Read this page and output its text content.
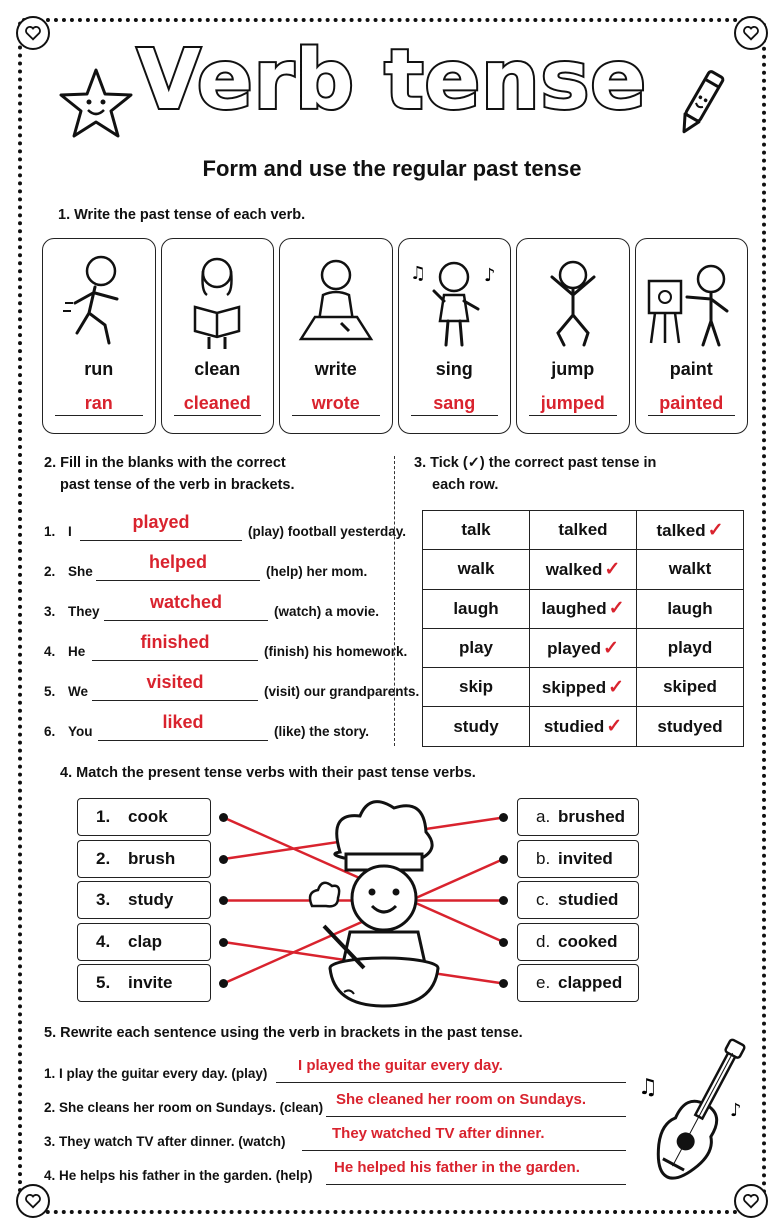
Verb tense
Form and use the regular past tense
1. Write the past tense of each verb.
run
ran
clean
cleaned
write
wrote
♫	♪
sing
sang
jump
jumped
paint
painted
2. Fill in the blanks with the correct
past tense of the verb in brackets.
1. I	played	(play) football yesterday.
2. She	helped	(help) her mom.
3. They	watched	(watch) a movie.
4. He	finished	(finish) his homework.
5. We	visited	(visit) our grandparents.
6. You	liked	(like) the story.
3. Tick (✓) the correct past tense in
each row.
talk	talked	talked ✓
walk	walked ✓	walkt
laugh	laughed ✓	laugh
play	played ✓	playd
skip	skipped ✓	skiped
study	studied ✓	studyed
4. Match the present tense verbs with their past tense verbs.
1.	cook
2.	brush
3.	study
4.	clap
5.	invite
a. brushed
b. invited
c. studied
d. cooked
e. clapped
5. Rewrite each sentence using the verb in brackets in the past tense.
1. I play the guitar every day. (play) I played the guitar every day.
2. She cleans her room on Sundays. (clean) She cleaned her room on Sundays.
3. They watch TV after dinner. (watch)	They watched TV after dinner.
4. He helps his father in the garden. (help) He helped his father in the garden.
♫
♪
